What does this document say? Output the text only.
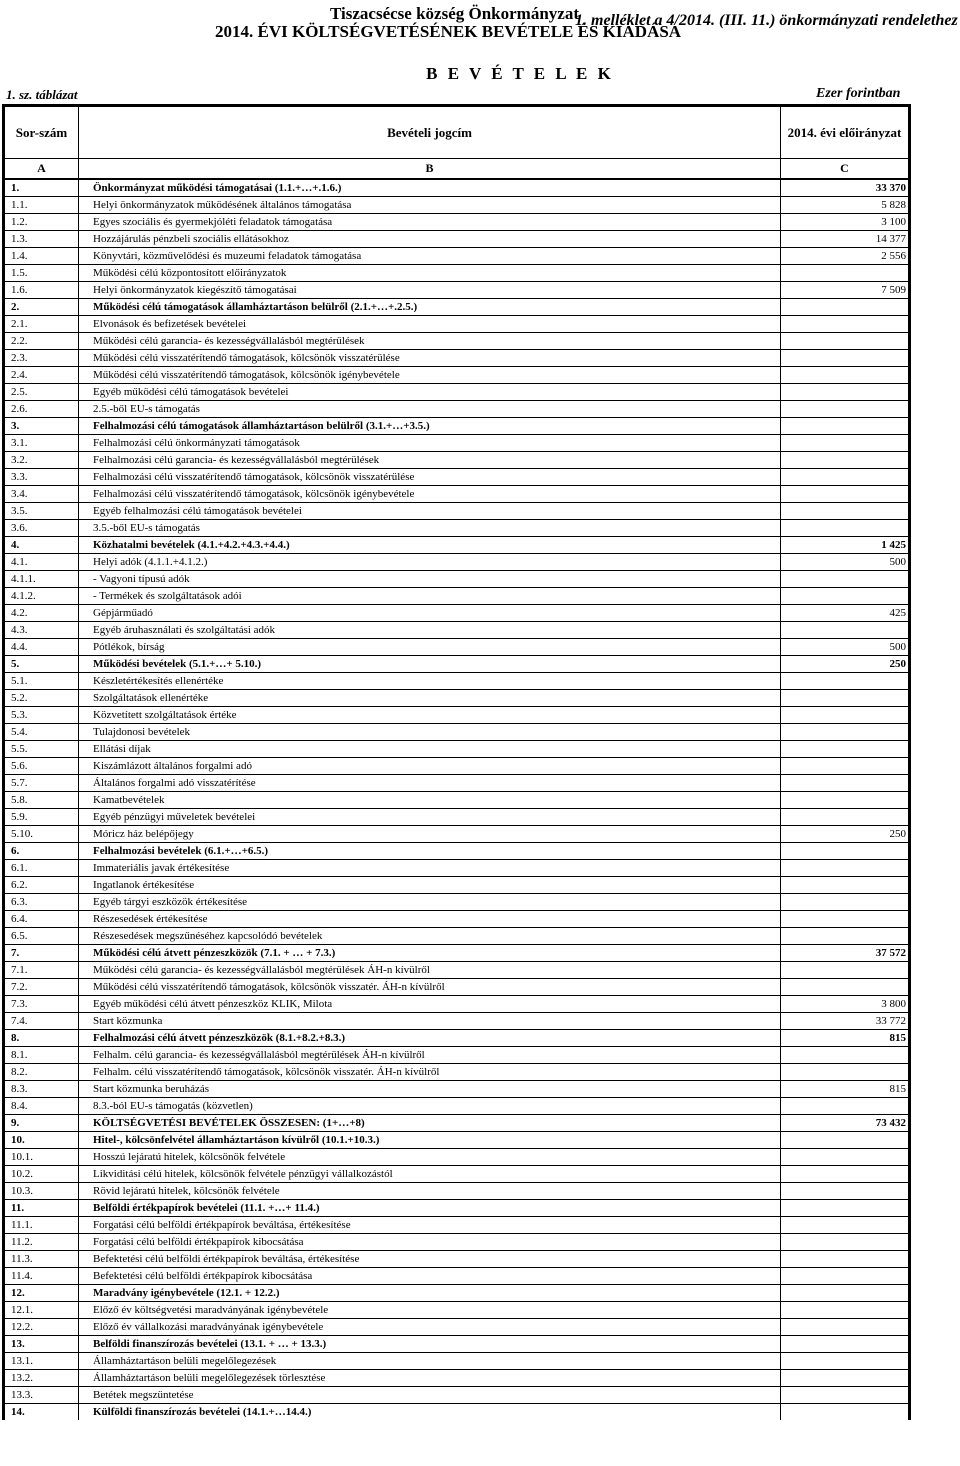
Tiszacsécse község Önkormányzat
2014. ÉVI KÖLTSÉGVETÉSÉNEK BEVÉTELE ÉS KIADÁSA
1. melléklet a 4/2014. (III. 11.) önkormányzati rendelethez
B E V É T E L E K
1. sz. táblázat	Ezer forintban
Sor-szám	Bevételi jogcím	2014. évi előirányzat
A	B	C
1.	Önkormányzat működési támogatásai (1.1.+…+.1.6.)	33 370
1.1.	Helyi önkormányzatok működésének általános támogatása	5 828
1.2.	Egyes szociális és gyermekjóléti feladatok támogatása	3 100
1.3.	Hozzájárulás pénzbeli szociális ellátásokhoz	14 377
1.4.	Könyvtári, közművelődési és muzeumi feladatok támogatása	2 556
1.5.	Működési célú központosított előirányzatok	
1.6.	Helyi önkormányzatok kiegészítő támogatásai	7 509
2.	Működési célú támogatások államháztartáson belülről (2.1.+…+.2.5.)	
2.1.	Elvonások és befizetések bevételei	
2.2.	Működési célú garancia- és kezességvállalásból megtérülések	
2.3.	Működési célú visszatérítendő támogatások, kölcsönök visszatérülése	
2.4.	Működési célú visszatérítendő támogatások, kölcsönök igénybevétele	
2.5.	Egyéb működési célú támogatások bevételei	
2.6.	2.5.-ből EU-s támogatás	
3.	Felhalmozási célú támogatások államháztartáson belülről (3.1.+…+3.5.)	
3.1.	Felhalmozási célú önkormányzati támogatások	
3.2.	Felhalmozási célú garancia- és kezességvállalásból megtérülések	
3.3.	Felhalmozási célú visszatérítendő támogatások, kölcsönök visszatérülése	
3.4.	Felhalmozási célú visszatérítendő támogatások, kölcsönök igénybevétele	
3.5.	Egyéb felhalmozási célú támogatások bevételei	
3.6.	3.5.-ből EU-s támogatás	
4.	Közhatalmi bevételek (4.1.+4.2.+4.3.+4.4.)	1 425
4.1.	Helyi adók (4.1.1.+4.1.2.)	500
4.1.1.	- Vagyoni típusú adók	
4.1.2.	- Termékek és szolgáltatások adói	
4.2.	Gépjárműadó	425
4.3.	Egyéb áruhasználati és szolgáltatási adók	
4.4.	Pótlékok, bírság	500
5.	Működési bevételek (5.1.+…+ 5.10.)	250
5.1.	Készletértékesítés ellenértéke	
5.2.	Szolgáltatások ellenértéke	
5.3.	Közvetített szolgáltatások értéke	
5.4.	Tulajdonosi bevételek	
5.5.	Ellátási díjak	
5.6.	Kiszámlázott általános forgalmi adó	
5.7.	Általános forgalmi adó visszatérítése	
5.8.	Kamatbevételek	
5.9.	Egyéb pénzügyi műveletek bevételei	
5.10.	Móricz ház belépőjegy	250
6.	Felhalmozási bevételek (6.1.+…+6.5.)	
6.1.	Immateriális javak értékesítése	
6.2.	Ingatlanok értékesítése	
6.3.	Egyéb tárgyi eszközök értékesítése	
6.4.	Részesedések értékesítése	
6.5.	Részesedések megszűnéséhez kapcsolódó bevételek	
7.	Működési célú átvett pénzeszközök (7.1. + … + 7.3.)	37 572
7.1.	Működési célú garancia- és kezességvállalásból megtérülések ÁH-n kívülről	
7.2.	Működési célú visszatérítendő támogatások, kölcsönök visszatér. ÁH-n kívülről	
7.3.	Egyéb működési célú átvett pénzeszköz KLIK, Milota	3 800
7.4.	Start közmunka	33 772
8.	Felhalmozási célú átvett pénzeszközök (8.1.+8.2.+8.3.)	815
8.1.	Felhalm. célú garancia- és kezességvállalásból megtérülések ÁH-n kívülről	
8.2.	Felhalm. célú visszatérítendő támogatások, kölcsönök visszatér. ÁH-n kívülről	
8.3.	Start közmunka beruházás	815
8.4.	8.3.-ból EU-s támogatás (közvetlen)	
9.	KÖLTSÉGVETÉSI BEVÉTELEK ÖSSZESEN: (1+…+8)	73 432
10.	Hitel-, kölcsönfelvétel államháztartáson kívülről (10.1.+10.3.)	
10.1.	Hosszú lejáratú hitelek, kölcsönök felvétele	
10.2.	Likviditási célú hitelek, kölcsönök felvétele pénzügyi vállalkozástól	
10.3.	Rövid lejáratú hitelek, kölcsönök felvétele	
11.	Belföldi értékpapírok bevételei (11.1. +…+ 11.4.)	
11.1.	Forgatási célú belföldi értékpapírok beváltása, értékesítése	
11.2.	Forgatási célú belföldi értékpapírok kibocsátása	
11.3.	Befektetési célú belföldi értékpapírok beváltása, értékesítése	
11.4.	Befektetési célú belföldi értékpapírok kibocsátása	
12.	Maradvány igénybevétele (12.1. + 12.2.)	
12.1.	Előző év költségvetési maradványának igénybevétele	
12.2.	Előző év vállalkozási maradványának igénybevétele	
13.	Belföldi finanszírozás bevételei (13.1. + … + 13.3.)	
13.1.	Államháztartáson belüli megelőlegezések	
13.2.	Államháztartáson belüli megelőlegezések törlesztése	
13.3.	Betétek megszüntetése	
14.	Külföldi finanszírozás bevételei (14.1.+…14.4.)	
